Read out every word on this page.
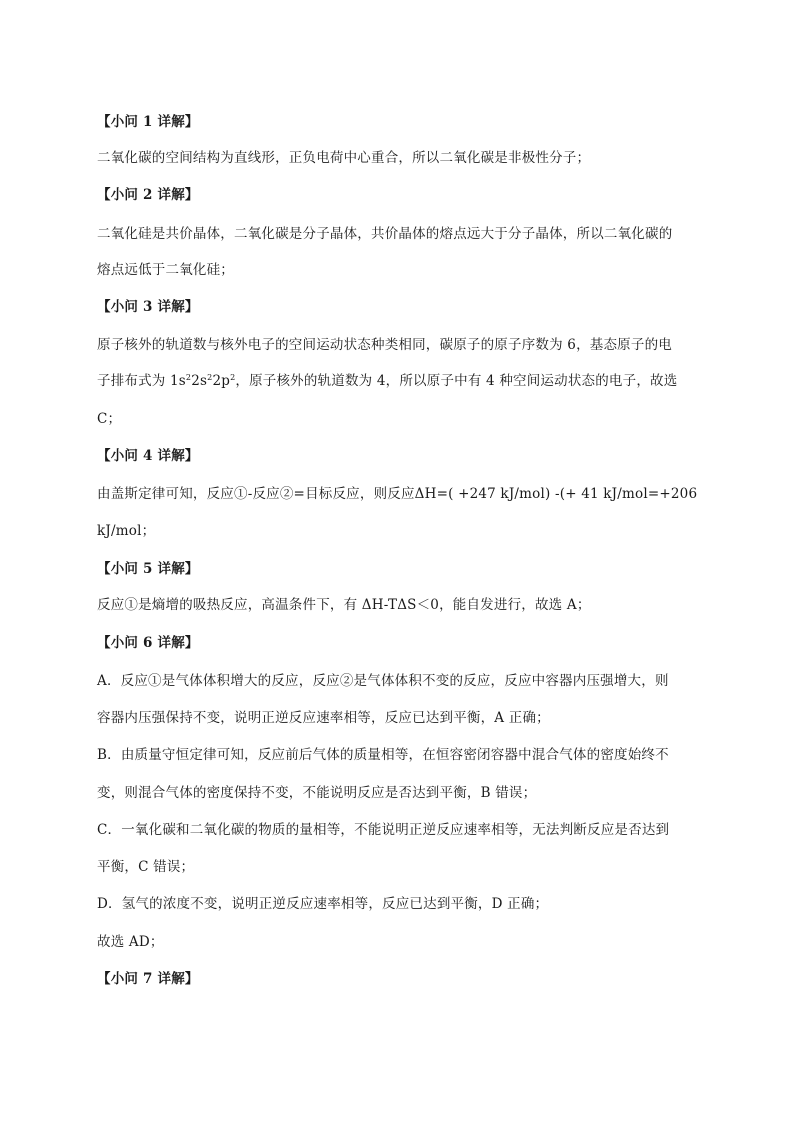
【小问 1 详解】
二氧化碳的空间结构为直线形，正负电荷中心重合，所以二氧化碳是非极性分子；
【小问 2 详解】
二氧化硅是共价晶体，二氧化碳是分子晶体，共价晶体的熔点远大于分子晶体，所以二氧化碳的
熔点远低于二氧化硅；
【小问 3 详解】
原子核外的轨道数与核外电子的空间运动状态种类相同，碳原子的原子序数为 6，基态原子的电
子排布式为 $1s^22s^22p^2$，原子核外的轨道数为 4，所以原子中有 4 种空间运动状态的电子，故选
C；
【小问 4 详解】
由盖斯定律可知，反应①-反应②=目标反应，则反应ΔH=( +247 kJ/mol) -(+ 41 kJ/mol=+206
kJ/mol；
【小问 5 详解】
反应①是熵增的吸热反应，高温条件下，有 ΔH-TΔS＜0，能自发进行，故选 A；
【小问 6 详解】
A．反应①是气体体积增大的反应，反应②是气体体积不变的反应，反应中容器内压强增大，则
容器内压强保持不变，说明正逆反应速率相等，反应已达到平衡，A 正确；
B．由质量守恒定律可知，反应前后气体的质量相等，在恒容密闭容器中混合气体的密度始终不
变，则混合气体的密度保持不变，不能说明反应是否达到平衡，B 错误；
C．一氧化碳和二氧化碳的物质的量相等，不能说明正逆反应速率相等，无法判断反应是否达到
平衡，C 错误；
D．氢气的浓度不变，说明正逆反应速率相等，反应已达到平衡，D 正确；
故选 AD；
【小问 7 详解】
